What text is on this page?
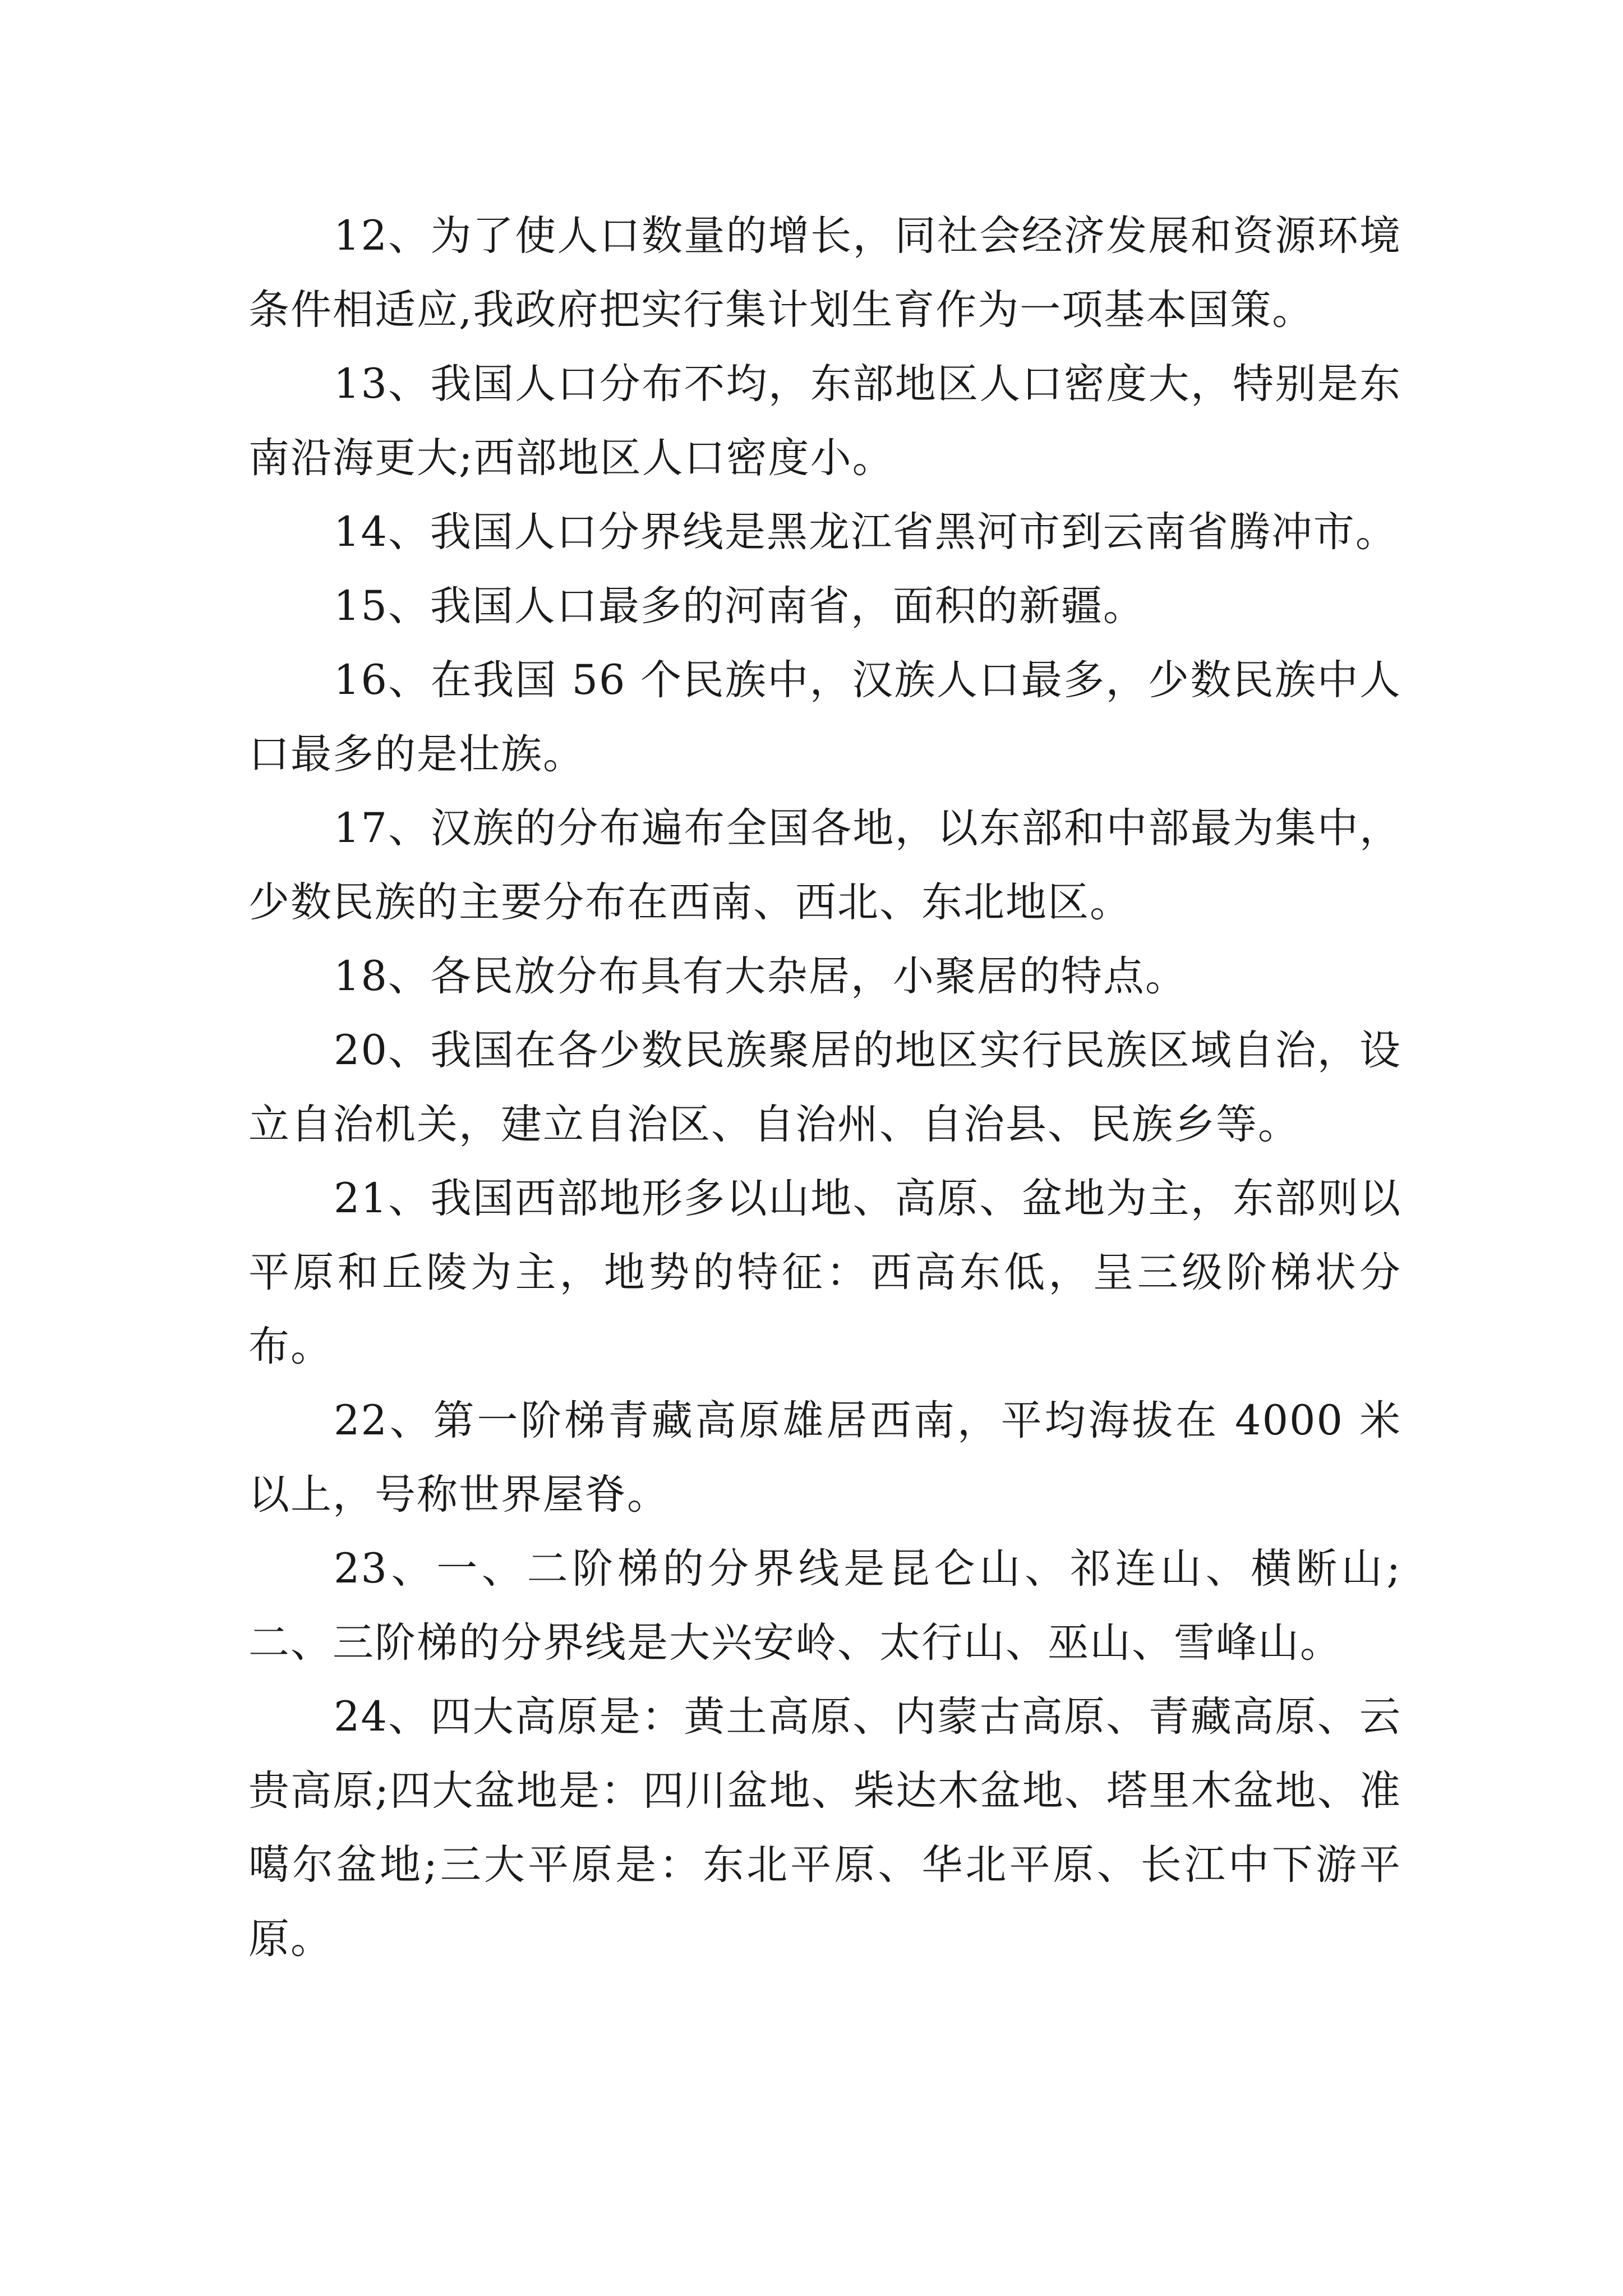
12、为了使人口数量的增长，同社会经济发展和资源环境条件相适应,我政府把实行集计划生育作为一项基本国策。

13、我国人口分布不均，东部地区人口密度大，特别是东南沿海更大;西部地区人口密度小。

14、我国人口分界线是黑龙江省黑河市到云南省腾冲市。

15、我国人口最多的河南省，面积的新疆。

16、在我国 56 个民族中，汉族人口最多，少数民族中人口最多的是壮族。

17、汉族的分布遍布全国各地，以东部和中部最为集中，少数民族的主要分布在西南、西北、东北地区。

18、各民放分布具有大杂居，小聚居的特点。

20、我国在各少数民族聚居的地区实行民族区域自治，设立自治机关，建立自治区、自治州、自治县、民族乡等。

21、我国西部地形多以山地、高原、盆地为主，东部则以平原和丘陵为主，地势的特征：西高东低，呈三级阶梯状分布。

22、第一阶梯青藏高原雄居西南，平均海拔在 4000 米以上，号称世界屋脊。

23、一、二阶梯的分界线是昆仑山、祁连山、横断山;二、三阶梯的分界线是大兴安岭、太行山、巫山、雪峰山。

24、四大高原是：黄土高原、内蒙古高原、青藏高原、云贵高原;四大盆地是：四川盆地、柴达木盆地、塔里木盆地、准噶尔盆地;三大平原是：东北平原、华北平原、长江中下游平原。
